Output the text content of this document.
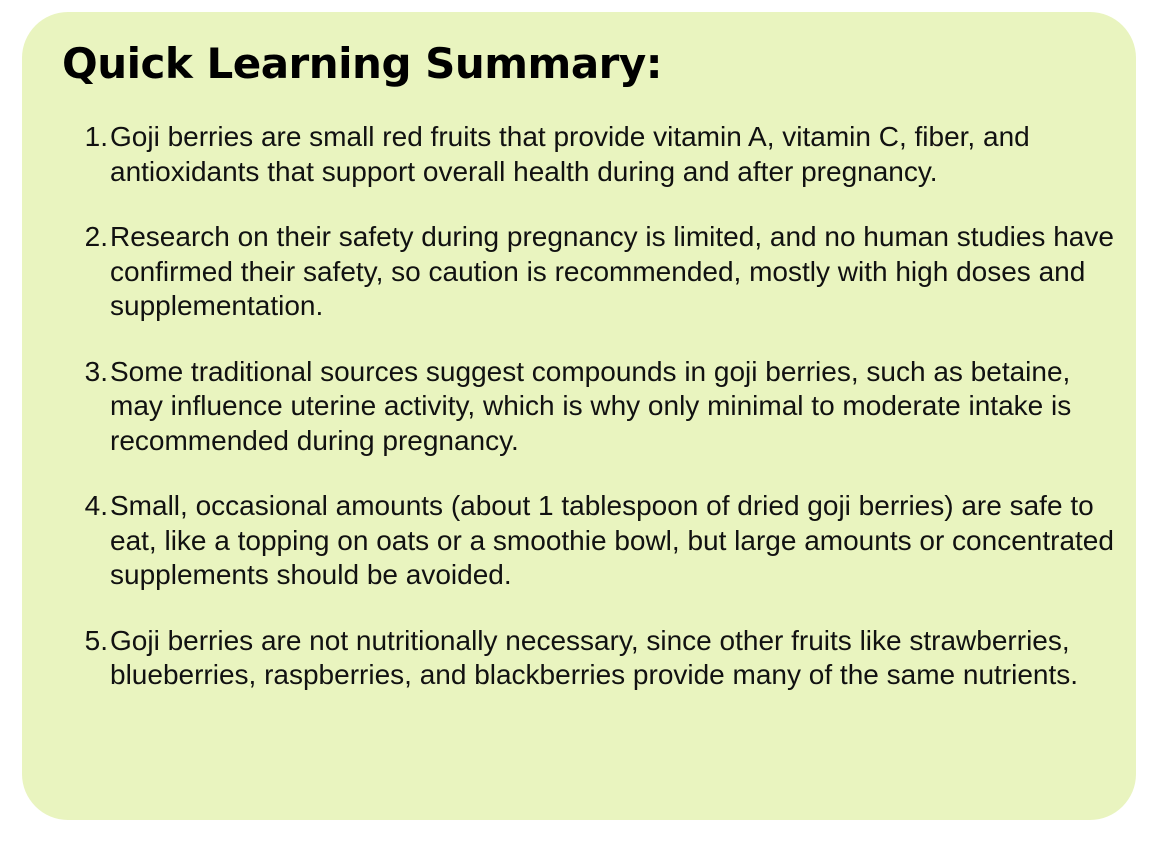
Quick Learning Summary:
1. Goji berries are small red fruits that provide vitamin A, vitamin C, fiber, and antioxidants that support overall health during and after pregnancy.
2. Research on their safety during pregnancy is limited, and no human studies have confirmed their safety, so caution is recommended, mostly with high doses and supplementation.
3. Some traditional sources suggest compounds in goji berries, such as betaine, may influence uterine activity, which is why only minimal to moderate intake is recommended during pregnancy.
4. Small, occasional amounts (about 1 tablespoon of dried goji berries) are safe to eat, like a topping on oats or a smoothie bowl, but large amounts or concentrated supplements should be avoided.
5. Goji berries are not nutritionally necessary, since other fruits like strawberries, blueberries, raspberries, and blackberries provide many of the same nutrients.
